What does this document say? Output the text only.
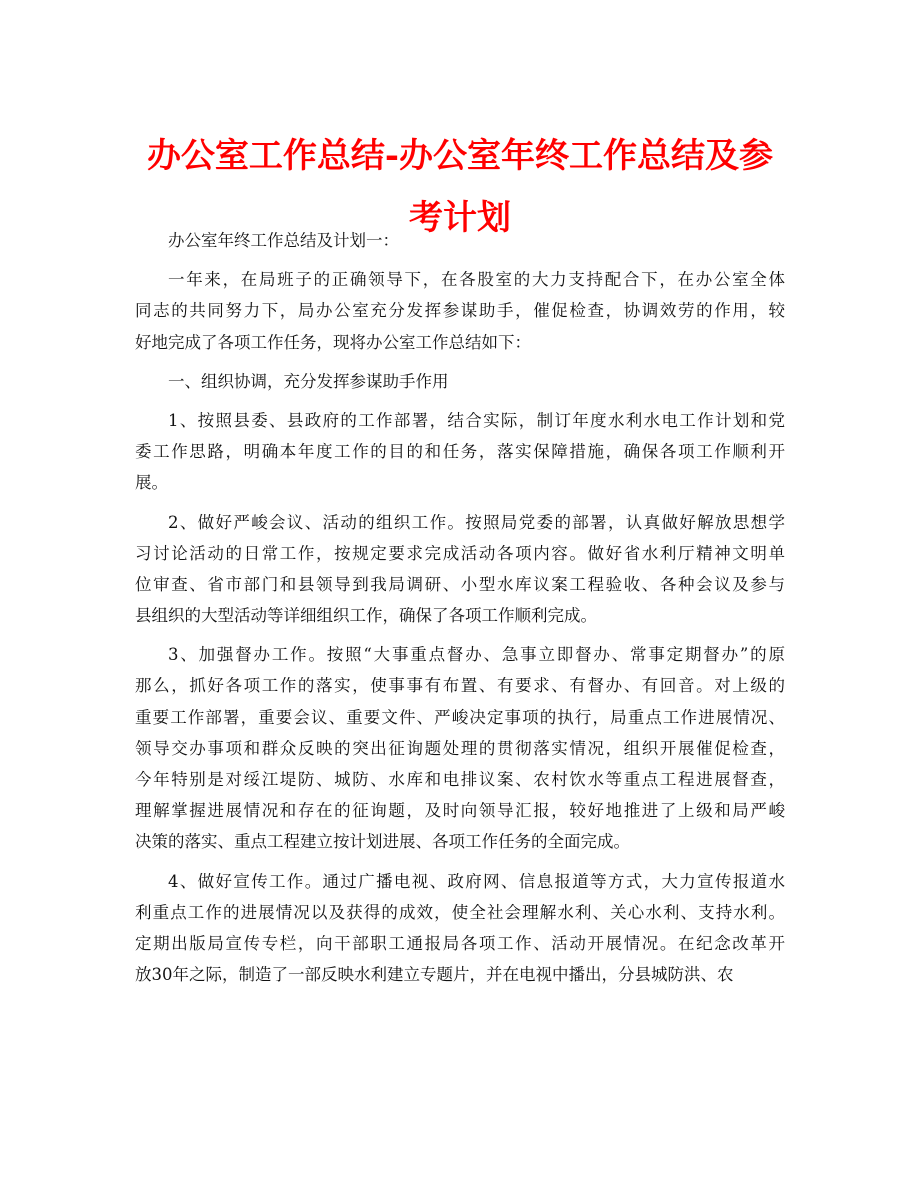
办公室工作总结-办公室年终工作总结及参
考计划
办公室年终工作总结及计划一：
一年来，在局班子的正确领导下，在各股室的大力支持配合下，在办公室全体
同志的共同努力下，局办公室充分发挥参谋助手，催促检查，协调效劳的作用，较
好地完成了各项工作任务，现将办公室工作总结如下：
一、组织协调，充分发挥参谋助手作用
1、按照县委、县政府的工作部署，结合实际，制订年度水利水电工作计划和党
委工作思路，明确本年度工作的目的和任务，落实保障措施，确保各项工作顺利开
展。
2、做好严峻会议、活动的组织工作。按照局党委的部署，认真做好解放思想学
习讨论活动的日常工作，按规定要求完成活动各项内容。做好省水利厅精神文明单
位审查、省市部门和县领导到我局调研、小型水库议案工程验收、各种会议及参与
县组织的大型活动等详细组织工作，确保了各项工作顺利完成。
3、加强督办工作。按照“大事重点督办、急事立即督办、常事定期督办”的原
那么，抓好各项工作的落实，使事事有布置、有要求、有督办、有回音。对上级的
重要工作部署，重要会议、重要文件、严峻决定事项的执行，局重点工作进展情况、
领导交办事项和群众反映的突出征询题处理的贯彻落实情况，组织开展催促检查，
今年特别是对绥江堤防、城防、水库和电排议案、农村饮水等重点工程进展督查，
理解掌握进展情况和存在的征询题，及时向领导汇报，较好地推进了上级和局严峻
决策的落实、重点工程建立按计划进展、各项工作任务的全面完成。
4、做好宣传工作。通过广播电视、政府网、信息报道等方式，大力宣传报道水
利重点工作的进展情况以及获得的成效，使全社会理解水利、关心水利、支持水利。
定期出版局宣传专栏，向干部职工通报局各项工作、活动开展情况。在纪念改革开
放30年之际，制造了一部反映水利建立专题片，并在电视中播出，分县城防洪、农
